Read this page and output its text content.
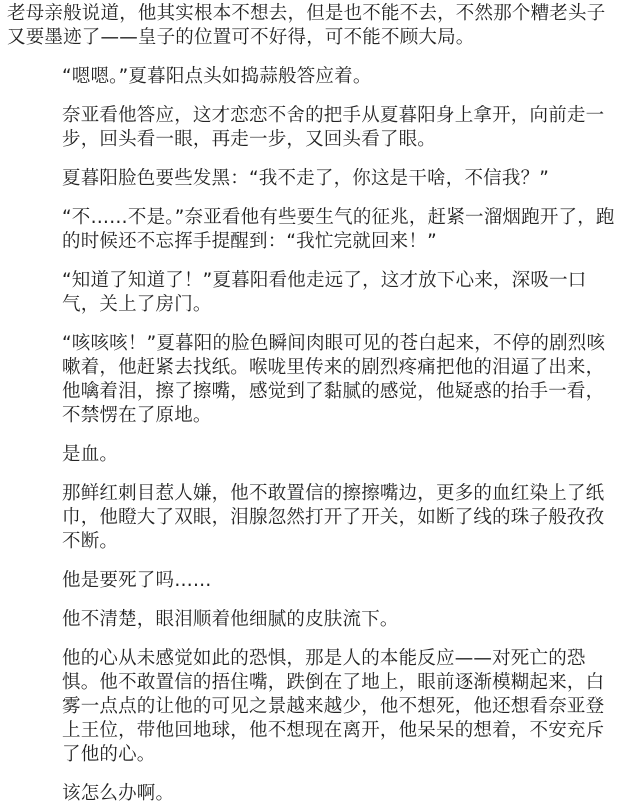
老母亲般说道，他其实根本不想去，但是也不能不去，不然那个糟老头子又要墨迹了——皇子的位置可不好得，可不能不顾大局。

“嗯嗯。”夏暮阳点头如捣蒜般答应着。

奈亚看他答应，这才恋恋不舍的把手从夏暮阳身上拿开，向前走一步，回头看一眼，再走一步，又回头看了眼。

夏暮阳脸色要些发黑：“我不走了，你这是干啥，不信我？”

“不……不是。”奈亚看他有些要生气的征兆，赶紧一溜烟跑开了，跑的时候还不忘挥手提醒到：“我忙完就回来！”

“知道了知道了！”夏暮阳看他走远了，这才放下心来，深吸一口气，关上了房门。

“咳咳咳！”夏暮阳的脸色瞬间肉眼可见的苍白起来，不停的剧烈咳嗽着，他赶紧去找纸。喉咙里传来的剧烈疼痛把他的泪逼了出来，他噙着泪，擦了擦嘴，感觉到了黏腻的感觉，他疑惑的抬手一看，不禁愣在了原地。

是血。

那鲜红刺目惹人嫌，他不敢置信的擦擦嘴边，更多的血红染上了纸巾，他瞪大了双眼，泪腺忽然打开了开关，如断了线的珠子般孜孜不断。

他是要死了吗……

他不清楚，眼泪顺着他细腻的皮肤流下。

他的心从未感觉如此的恐惧，那是人的本能反应——对死亡的恐惧。他不敢置信的捂住嘴，跌倒在了地上，眼前逐渐模糊起来，白雾一点点的让他的可见之景越来越少，他不想死，他还想看奈亚登上王位，带他回地球，他不想现在离开，他呆呆的想着，不安充斥了他的心。

该怎么办啊。
